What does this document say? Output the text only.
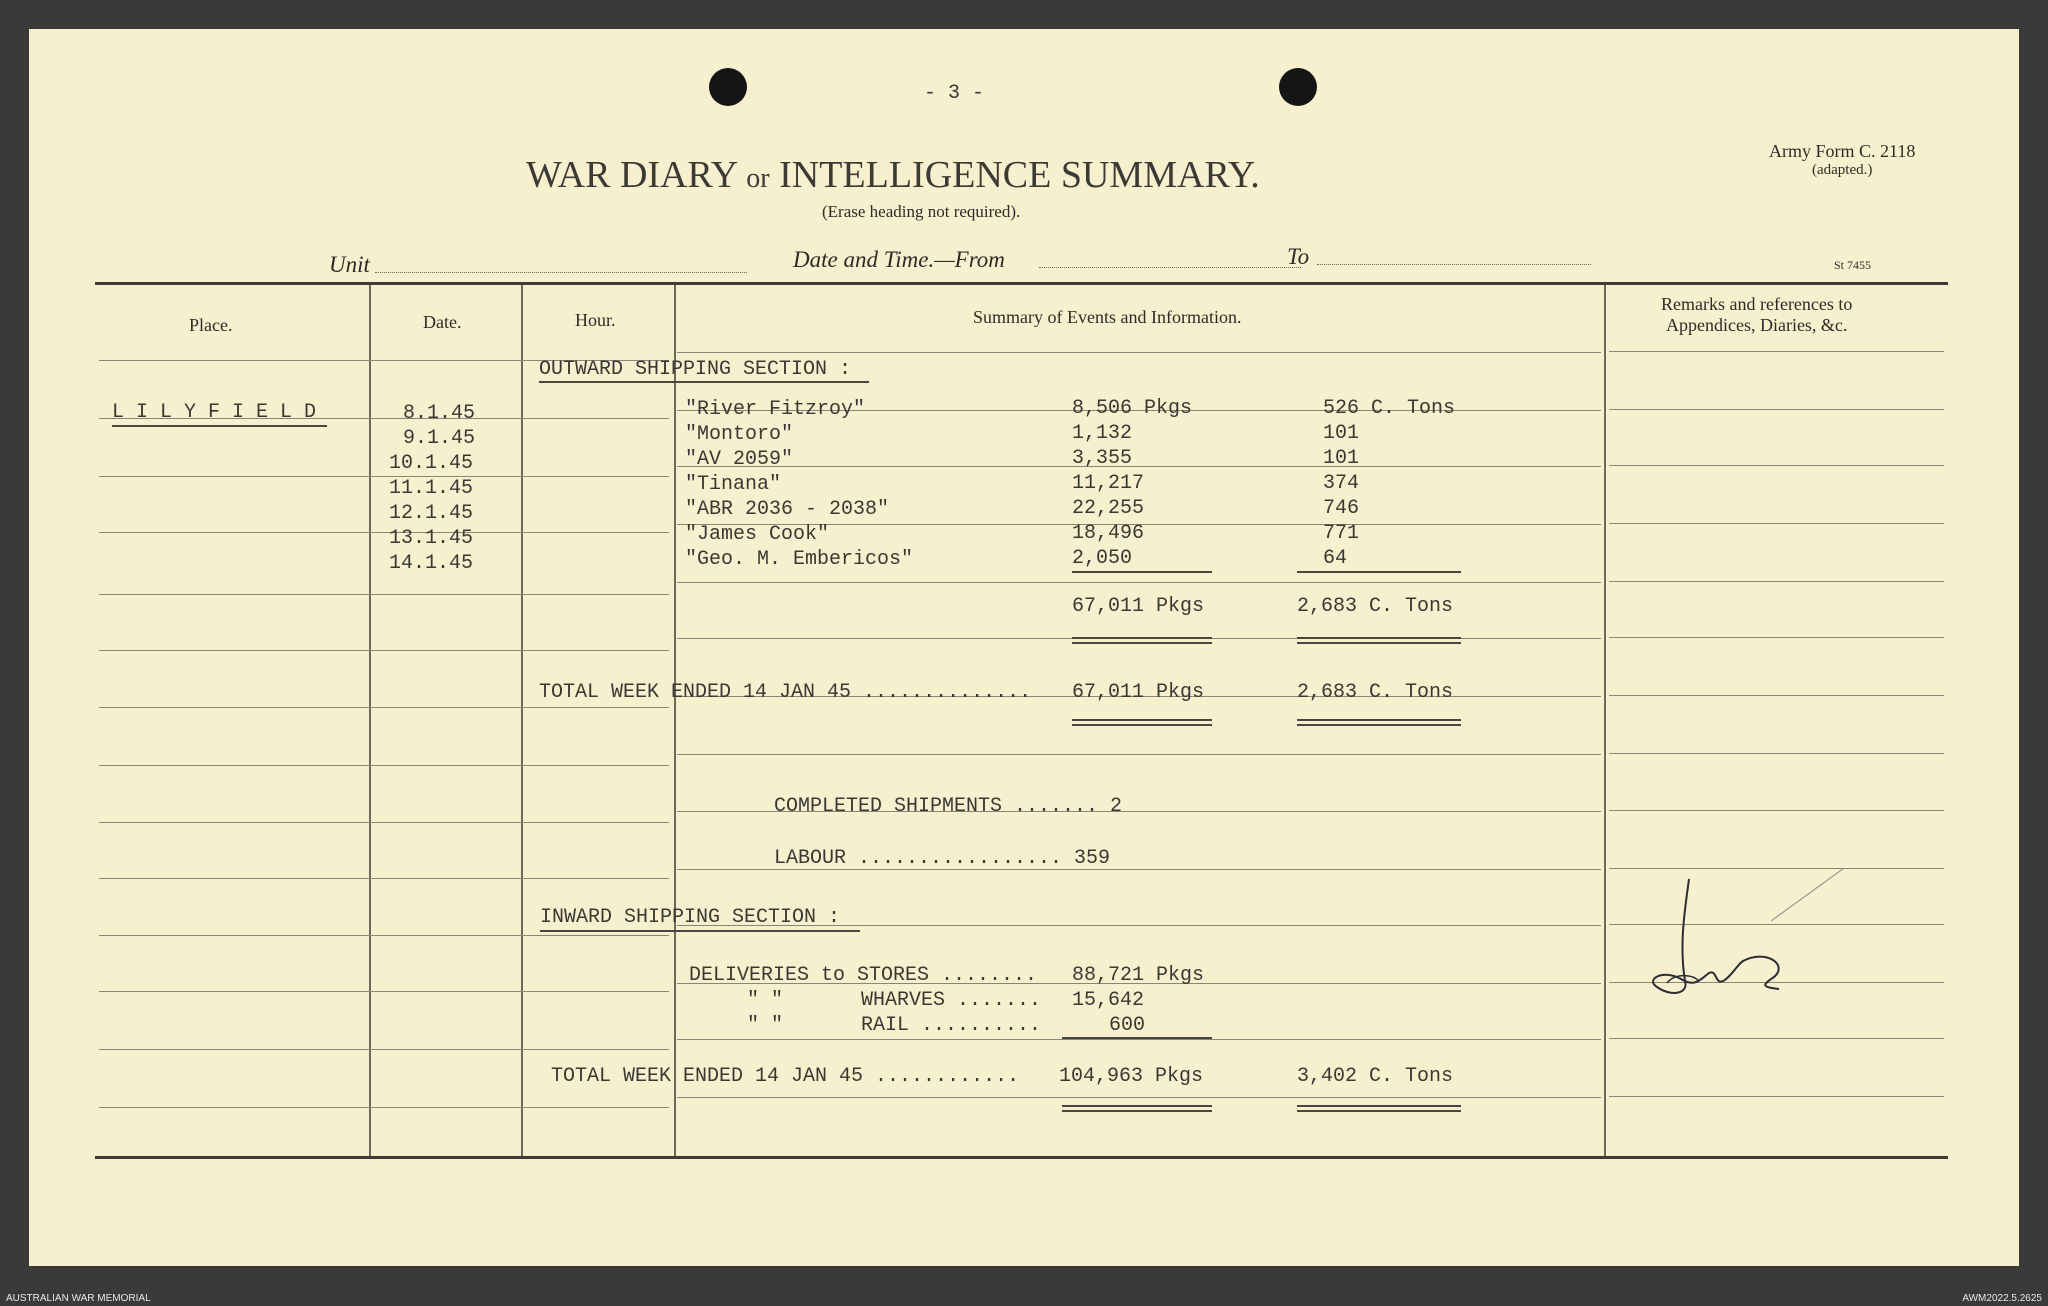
- 3 -
WAR DIARY or INTELLIGENCE SUMMARY.
(Erase heading not required).
Army Form C. 2118
(adapted.)
Unit	Date and Time.—From	To	St 7455
Place.	Date.	Hour.	Summary of Events and Information.
Remarks and references to
Appendices, Diaries, &c.
L I L Y F I E L D
OUTWARD SHIPPING SECTION :
8.1.45	"River Fitzroy"	8,506 Pkgs	526 C. Tons
9.1.45	"Montoro"	1,132	101
10.1.45	"AV 2059"	3,355	101
11.1.45	"Tinana"	11,217	374
12.1.45	"ABR 2036 - 2038"	22,255	746
13.1.45	"James Cook"	18,496	771
14.1.45	"Geo. M. Embericos"	2,050	64
67,011 Pkgs	2,683 C. Tons
TOTAL WEEK ENDED 14 JAN 45 .............. 67,011 Pkgs	2,683 C. Tons
COMPLETED SHIPMENTS ....... 2
LABOUR ................. 359
INWARD SHIPPING SECTION :
DELIVERIES to STORES ........ 88,721 Pkgs
" "	WHARVES ....... 15,642
" "	RAIL ..........	600
TOTAL WEEK ENDED 14 JAN 45 ............ 104,963 Pkgs	3,402 C. Tons
AUSTRALIAN WAR MEMORIAL	AWM2022.5.2625
